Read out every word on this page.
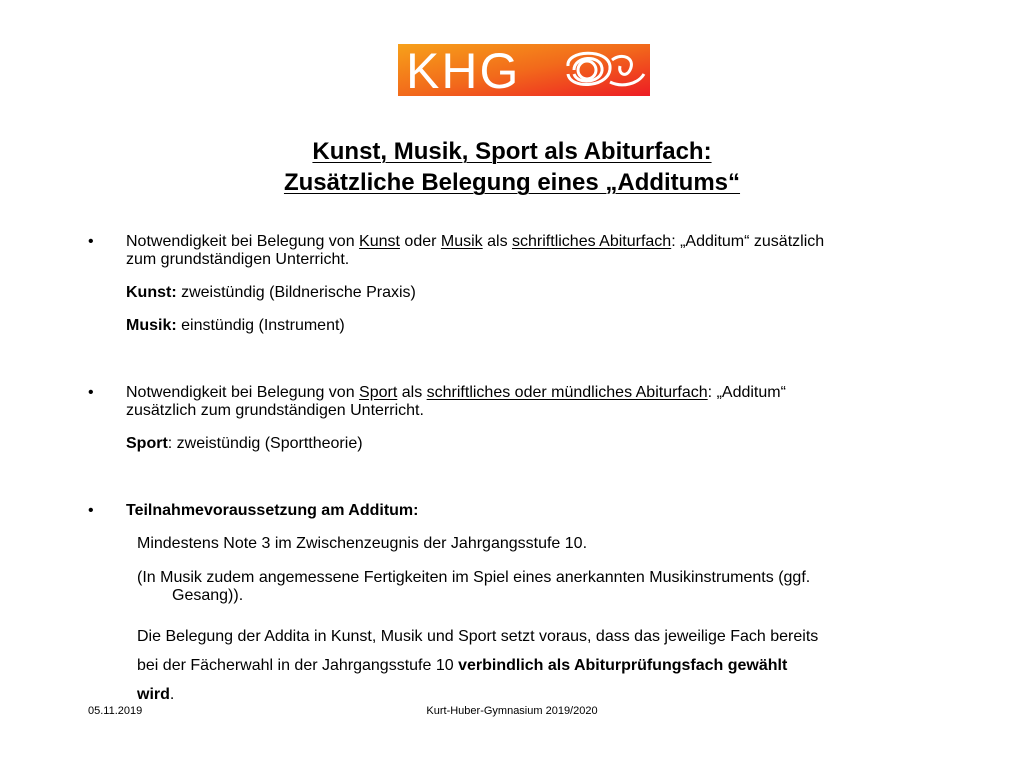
KHG
Kunst, Musik, Sport als Abiturfach:
Zusätzliche Belegung eines „Additums“
• Notwendigkeit bei Belegung von Kunst oder Musik als schriftliches Abiturfach: „Additum“ zusätzlich
zum grundständigen Unterricht.
Kunst: zweistündig (Bildnerische Praxis)
Musik: einstündig (Instrument)
• Notwendigkeit bei Belegung von Sport als schriftliches oder mündliches Abiturfach: „Additum“
zusätzlich zum grundständigen Unterricht.
Sport: zweistündig (Sporttheorie)
• Teilnahmevoraussetzung am Additum:
Mindestens Note 3 im Zwischenzeugnis der Jahrgangsstufe 10.
(In Musik zudem angemessene Fertigkeiten im Spiel eines anerkannten Musikinstruments (ggf.
Gesang)).
Die Belegung der Addita in Kunst, Musik und Sport setzt voraus, dass das jeweilige Fach bereits
bei der Fächerwahl in der Jahrgangsstufe 10 verbindlich als Abiturprüfungsfach gewählt
wird.
05.11.2019	Kurt-Huber-Gymnasium 2019/2020
